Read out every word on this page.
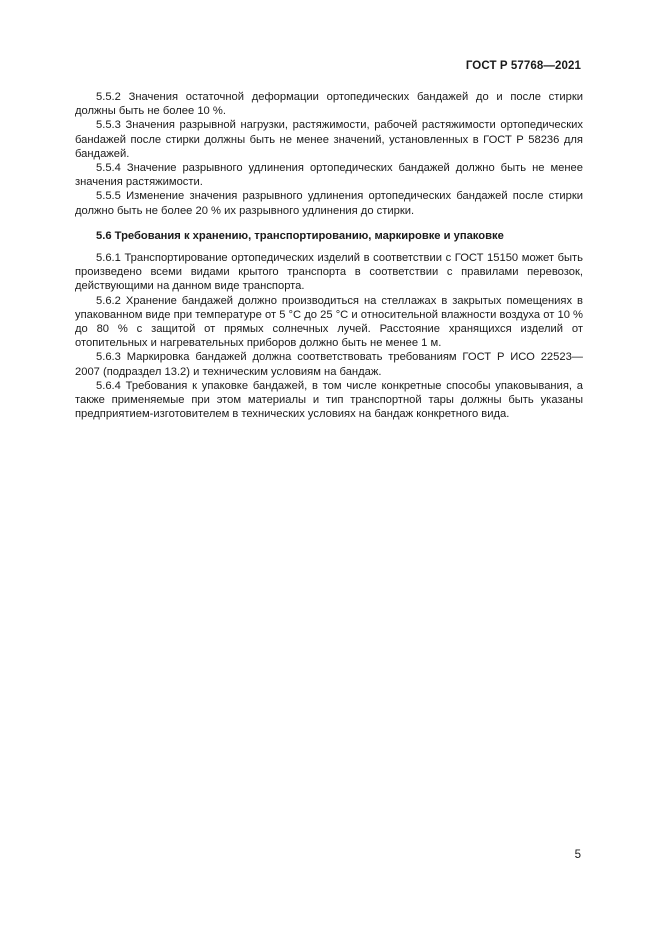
ГОСТ Р 57768—2021

5.5.2 Значения остаточной деформации ортопедических бандажей до и после стирки должны быть не более 10 %.

5.5.3 Значения разрывной нагрузки, растяжимости, рабочей растяжимости ортопедических банdажей после стирки должны быть не менее значений, установленных в ГОСТ Р 58236 для бандажей.

5.5.4 Значение разрывного удлинения ортопедических бандажей должно быть не менее значения растяжимости.

5.5.5 Изменение значения разрывного удлинения ортопедических бандажей после стирки должно быть не более 20 % их разрывного удлинения до стирки.

5.6 Требования к хранению, транспортированию, маркировке и упаковке

5.6.1 Транспортирование ортопедических изделий в соответствии с ГОСТ 15150 может быть произведено всеми видами крытого транспорта в соответствии с правилами перевозок, действующими на данном виде транспорта.

5.6.2 Хранение бандажей должно производиться на стеллажах в закрытых помещениях в упакованном виде при температуре от 5 °С до 25 °С и относительной влажности воздуха от 10 % до 80 % с защитой от прямых солнечных лучей. Расстояние хранящихся изделий от отопительных и нагревательных приборов должно быть не менее 1 м.

5.6.3 Маркировка бандажей должна соответствовать требованиям ГОСТ Р ИСО 22523—2007 (подраздел 13.2) и техническим условиям на бандаж.

5.6.4 Требования к упаковке бандажей, в том числе конкретные способы упаковывания, а также применяемые при этом материалы и тип транспортной тары должны быть указаны предприятием-изготовителем в технических условиях на бандаж конкретного вида.

5
